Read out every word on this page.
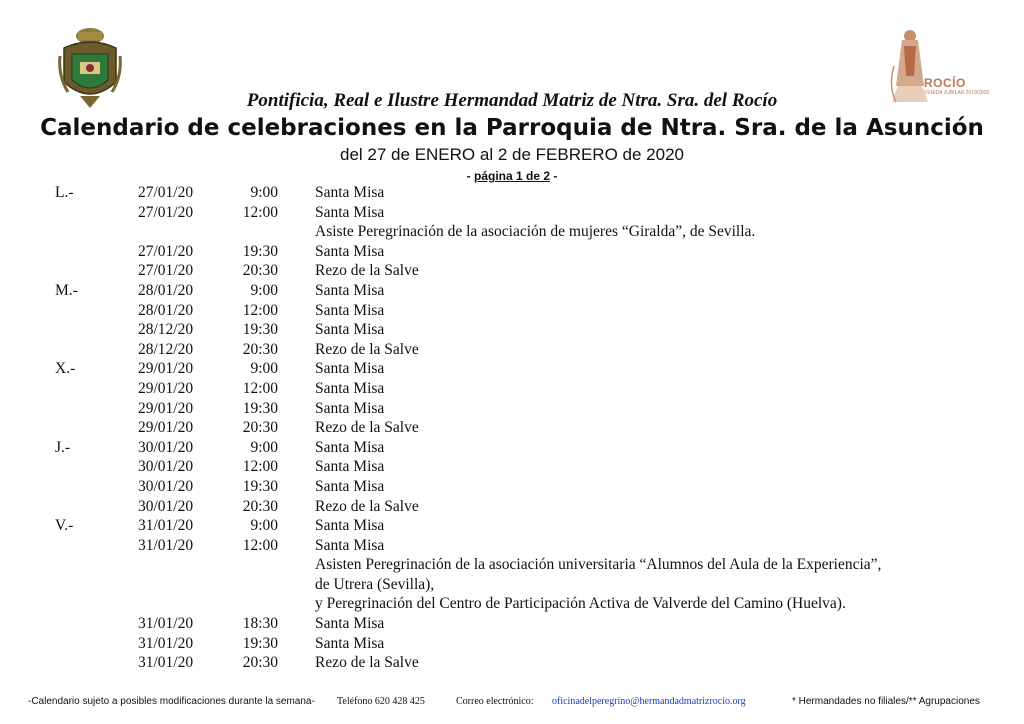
ROCÍO
VENIDA JUBILAR 2019/2020
Pontificia, Real e Ilustre Hermandad Matriz de Ntra. Sra. del Rocío
Calendario de celebraciones en la Parroquia de Ntra. Sra. de la Asunción
del 27 de ENERO al 2 de FEBRERO de 2020
- página 1 de 2 -
L.-	27/01/20	9:00 Santa Misa
27/01/20	12:00 Santa Misa
Asiste Peregrinación de la asociación de mujeres “Giralda”, de Sevilla.
27/01/20	19:30 Santa Misa
27/01/20	20:30 Rezo de la Salve
M.-	28/01/20	9:00 Santa Misa
28/01/20	12:00 Santa Misa
28/12/20	19:30 Santa Misa
28/12/20	20:30 Rezo de la Salve
X.-	29/01/20	9:00 Santa Misa
29/01/20	12:00 Santa Misa
29/01/20	19:30 Santa Misa
29/01/20	20:30 Rezo de la Salve
J.-	30/01/20	9:00 Santa Misa
30/01/20	12:00 Santa Misa
30/01/20	19:30 Santa Misa
30/01/20	20:30 Rezo de la Salve
V.-	31/01/20	9:00 Santa Misa
31/01/20	12:00 Santa Misa
Asisten Peregrinación de la asociación universitaria “Alumnos del Aula de la Experiencia”,
de Utrera (Sevilla),
y Peregrinación del Centro de Participación Activa de Valverde del Camino (Huelva).
31/01/20	18:30 Santa Misa
31/01/20	19:30 Santa Misa
31/01/20	20:30 Rezo de la Salve
-Calendario sujeto a posibles modificaciones durante la semana- Teléfono 620 428 425	Correo electrónico: oficinadelperegrino@hermandadmatrizrocio.org	* Hermandades no filiales/** Agrupaciones
